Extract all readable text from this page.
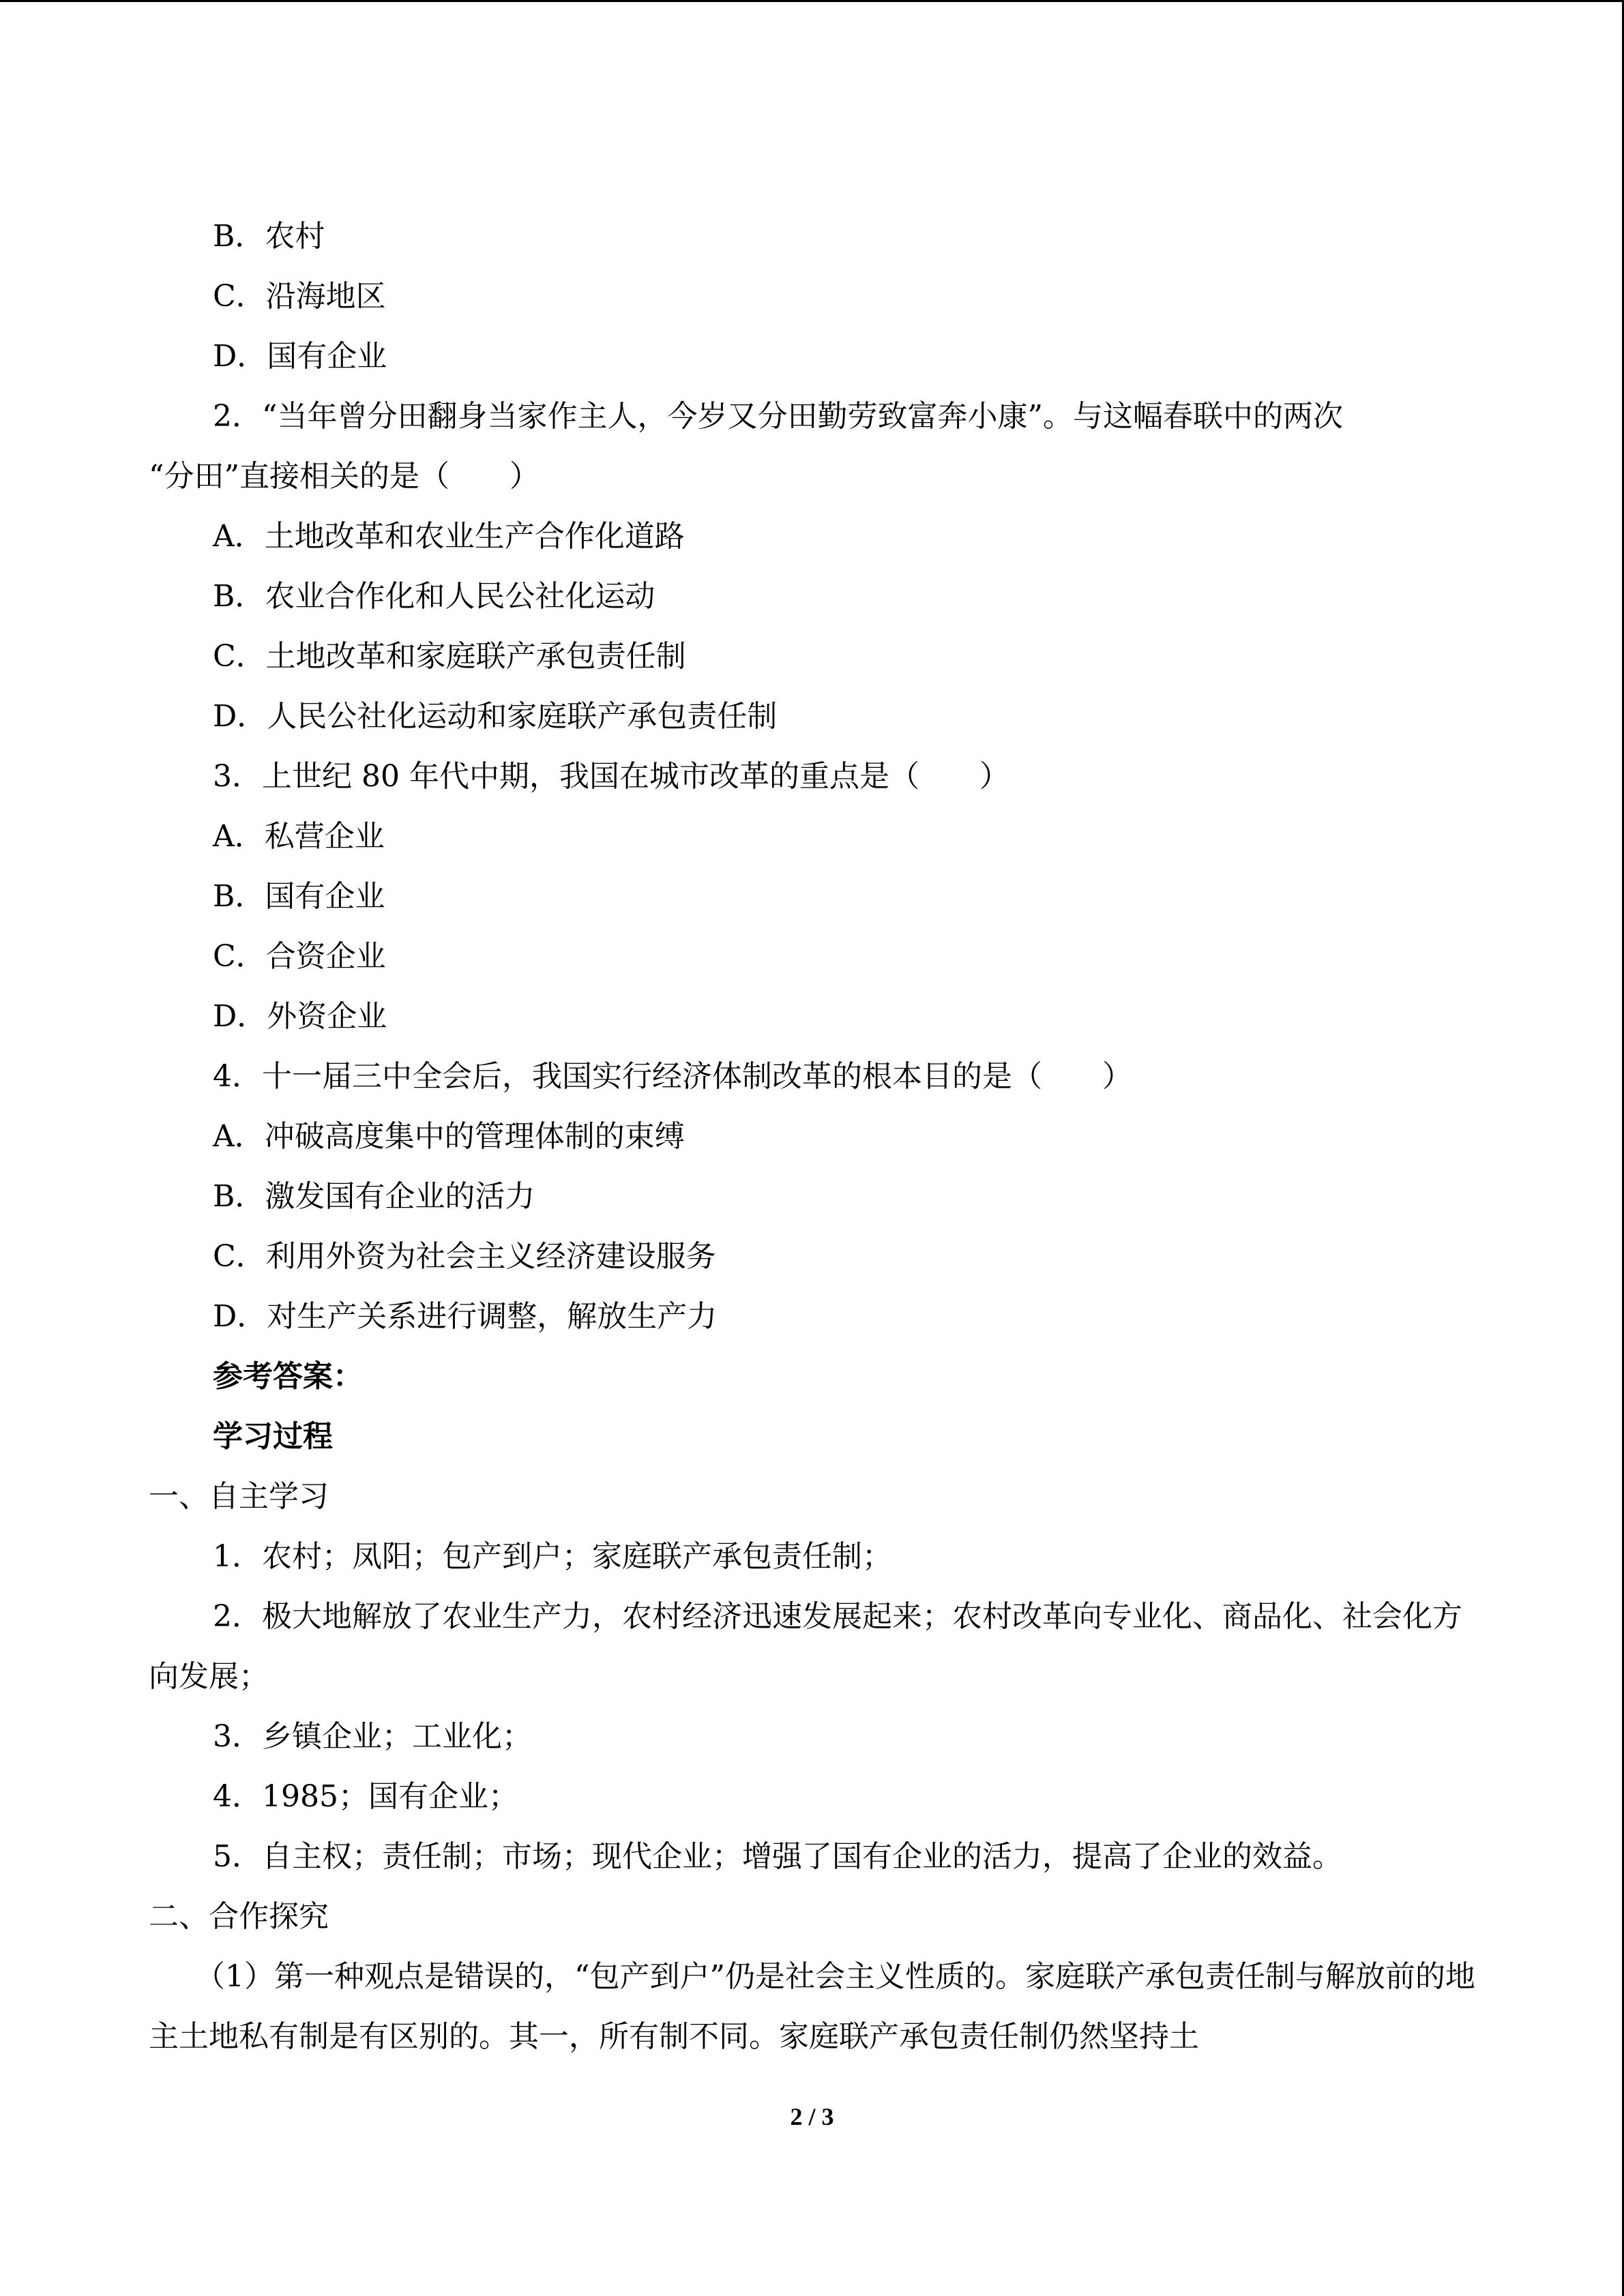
B．农村
C．沿海地区
D．国有企业
2．“当年曾分田翻身当家作主人，今岁又分田勤劳致富奔小康”。与这幅春联中的两次
“分田”直接相关的是（　　）
A．土地改革和农业生产合作化道路
B．农业合作化和人民公社化运动
C．土地改革和家庭联产承包责任制
D．人民公社化运动和家庭联产承包责任制
3．上世纪 80 年代中期，我国在城市改革的重点是（　　）
A．私营企业
B．国有企业
C．合资企业
D．外资企业
4．十一届三中全会后，我国实行经济体制改革的根本目的是（　　）
A．冲破高度集中的管理体制的束缚
B．激发国有企业的活力
C．利用外资为社会主义经济建设服务
D．对生产关系进行调整，解放生产力
参考答案：
学习过程
一、自主学习
1．农村；凤阳；包产到户；家庭联产承包责任制；
2．极大地解放了农业生产力，农村经济迅速发展起来；农村改革向专业化、商品化、社会化方向发展；
3．乡镇企业；工业化；
4．1985；国有企业；
5．自主权；责任制；市场；现代企业；增强了国有企业的活力，提高了企业的效益。
二、合作探究
（1）第一种观点是错误的，“包产到户”仍是社会主义性质的。家庭联产承包责任制与解放前的地主土地私有制是有区别的。其一，所有制不同。家庭联产承包责任制仍然坚持土
2 / 3
